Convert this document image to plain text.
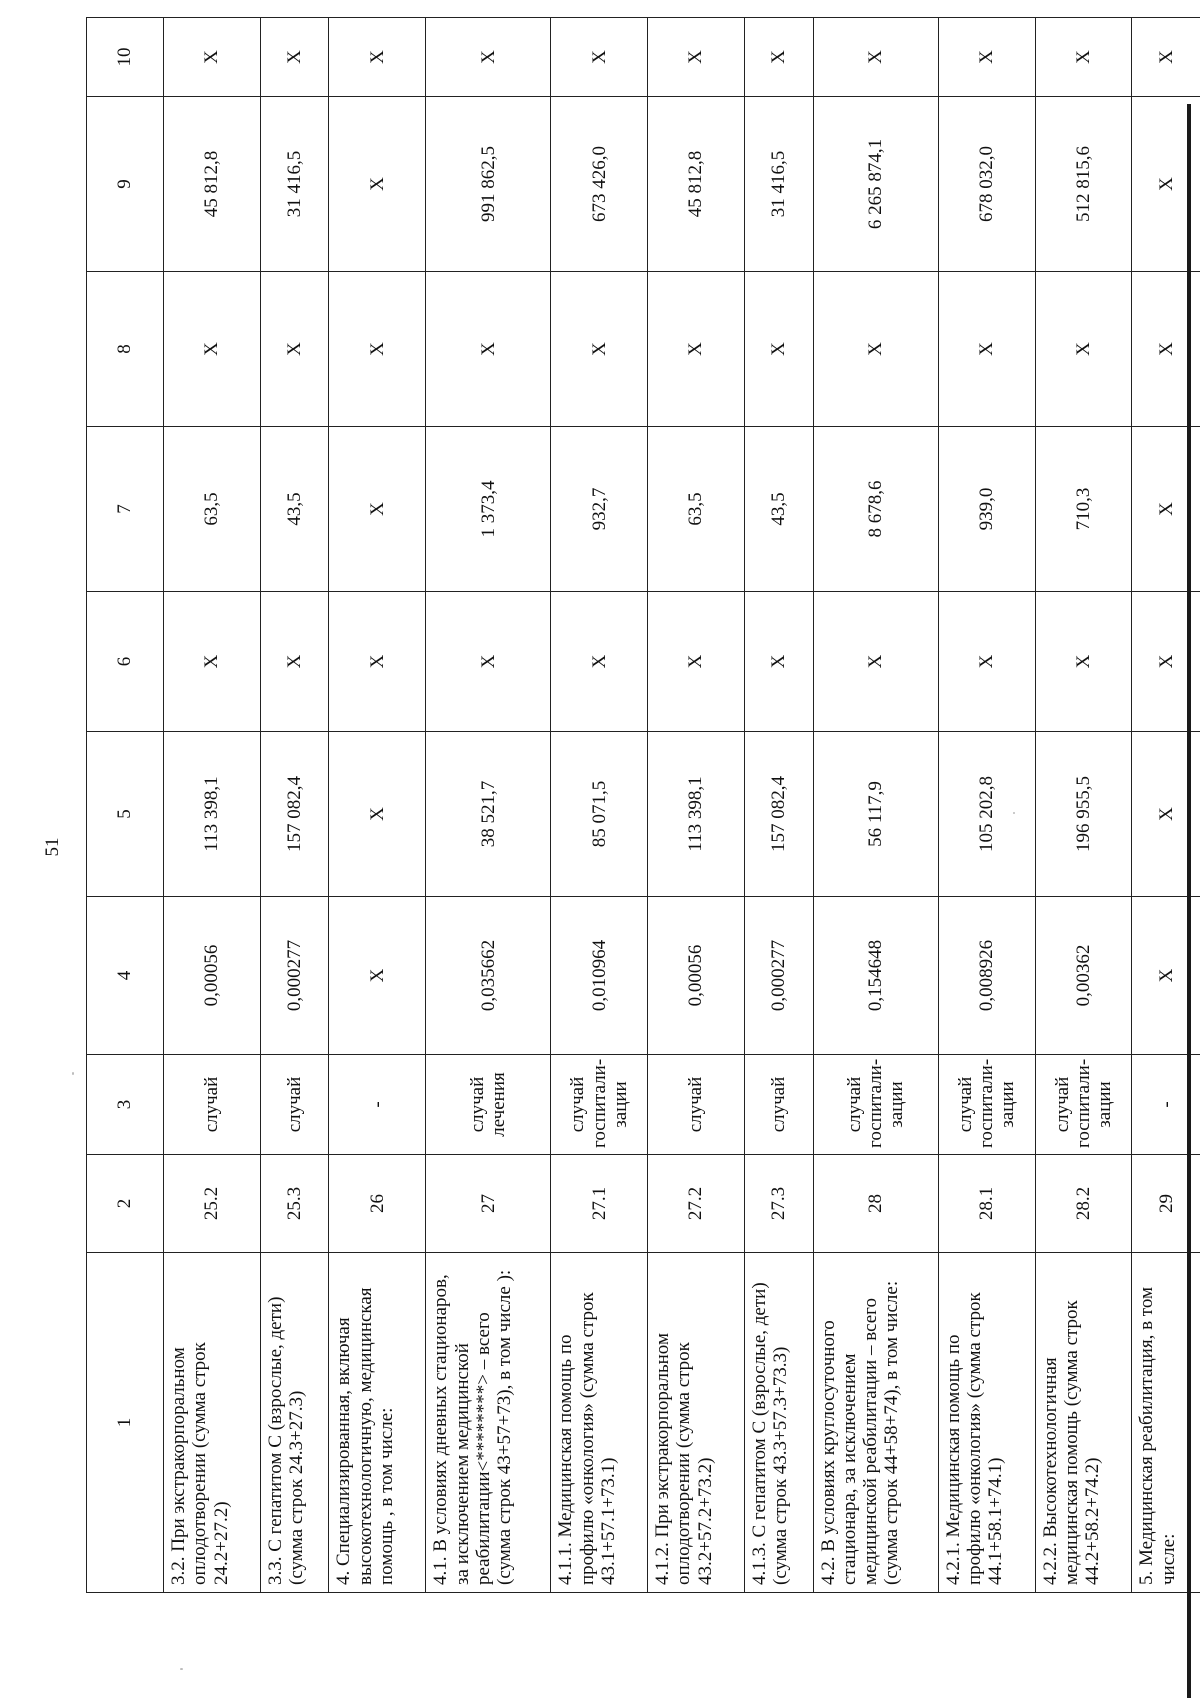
51
1	2	3	4	5	6	7	8	9	10
3.2. При экстракорпоральном оплодотворении (сумма строк 24.2+27.2)	25.2	случай	0,00056	113 398,1	Х	63,5	Х	45 812,8	Х
3.3. С гепатитом С (взрослые, дети) (сумма строк 24.3+27.3)	25.3	случай	0,000277	157 082,4	Х	43,5	Х	31 416,5	Х
4. Специализированная, включая высокотехнологичную, медицинская помощь , в том числе:	26	-	Х	Х	Х	Х	Х	Х	Х
4.1. В условиях дневных стационаров, за исключением медицинской реабилитации<********> – всего (сумма строк 43+57+73), в том числе ):	27	случай лечения	0,035662	38 521,7	Х	1 373,4	Х	991 862,5	Х
4.1.1. Медицинская помощь по профилю «онкология» (сумма строк 43.1+57.1+73.1)	27.1	случай госпитали-зации	0,010964	85 071,5	Х	932,7	Х	673 426,0	Х
4.1.2. При экстракорпоральном оплодотворении (сумма строк 43.2+57.2+73.2)	27.2	случай	0,00056	113 398,1	Х	63,5	Х	45 812,8	Х
4.1.3. С гепатитом С (взрослые, дети) (сумма строк 43.3+57.3+73.3)	27.3	случай	0,000277	157 082,4	Х	43,5	Х	31 416,5	Х
4.2. В условиях круглосуточного стационара, за исключением медицинской реабилитации – всего (сумма строк 44+58+74), в том числе:	28	случай госпитали-зации	0,154648	56 117,9	Х	8 678,6	Х	6 265 874,1	Х
4.2.1. Медицинская помощь по профилю «онкология» (сумма строк 44.1+58.1+74.1)	28.1	случай госпитали-зации	0,008926	105 202,8	Х	939,0	Х	678 032,0	Х
4.2.2. Высокотехнологичная медицинская помощь (сумма строк 44.2+58.2+74.2)	28.2	случай госпитали-зации	0,00362	196 955,5	Х	710,3	Х	512 815,6	Х
5. Медицинская реабилитация, в том числе:	29	-	Х	Х	Х	Х	Х	Х	Х
